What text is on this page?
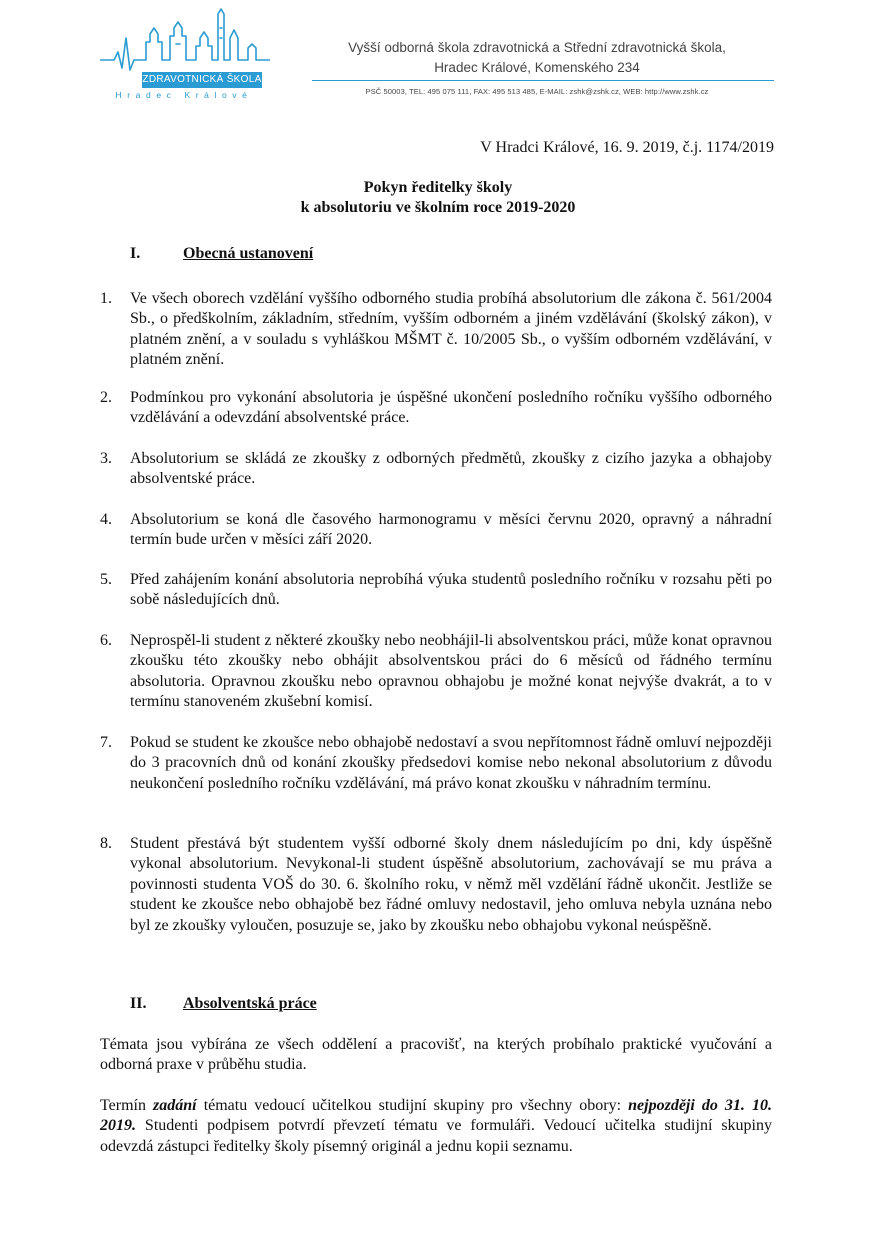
ZDRAVOTNICKÁ ŠKOLA
Hradec Králové
Vyšší odborná škola zdravotnická a Střední zdravotnická škola,
Hradec Králové, Komenského 234
PSČ 50003, TEL: 495 075 111, FAX: 495 513 485, E-MAIL: zshk@zshk.cz, WEB: http://www.zshk.cz
V Hradci Králové, 16. 9. 2019, č.j. 1174/2019
Pokyn ředitelky školy
k absolutoriu ve školním roce 2019-2020
I.	Obecná ustanovení
1. Ve všech oborech vzdělání vyššího odborného studia probíhá absolutorium dle zákona č. 561/2004 Sb., o předškolním, základním, středním, vyšším odborném a jiném vzdělávání (školský zákon), v platném znění, a v souladu s vyhláškou MŠMT č. 10/2005 Sb., o vyšším odborném vzdělávání, v platném znění.
2. Podmínkou pro vykonání absolutoria je úspěšné ukončení posledního ročníku vyššího odborného vzdělávání a odevzdání absolventské práce.
3. Absolutorium se skládá ze zkoušky z odborných předmětů, zkoušky z cizího jazyka a obhajoby absolventské práce.
4. Absolutorium se koná dle časového harmonogramu v měsíci červnu 2020, opravný a náhradní termín bude určen v měsíci září 2020.
5. Před zahájením konání absolutoria neprobíhá výuka studentů posledního ročníku v rozsahu pěti po sobě následujících dnů.
6. Neprospěl-li student z některé zkoušky nebo neobhájil-li absolventskou práci, může konat opravnou zkoušku této zkoušky nebo obhájit absolventskou práci do 6 měsíců od řádného termínu absolutoria. Opravnou zkoušku nebo opravnou obhajobu je možné konat nejvýše dvakrát, a to v termínu stanoveném zkušební komisí.
7. Pokud se student ke zkoušce nebo obhajobě nedostaví a svou nepřítomnost řádně omluví nejpozději do 3 pracovních dnů od konání zkoušky předsedovi komise nebo nekonal absolutorium z důvodu neukončení posledního ročníku vzdělávání, má právo konat zkoušku v náhradním termínu.
8. Student přestává být studentem vyšší odborné školy dnem následujícím po dni, kdy úspěšně vykonal absolutorium. Nevykonal-li student úspěšně absolutorium, zachovávají se mu práva a povinnosti studenta VOŠ do 30. 6. školního roku, v němž měl vzdělání řádně ukončit. Jestliže se student ke zkoušce nebo obhajobě bez řádné omluvy nedostavil, jeho omluva nebyla uznána nebo byl ze zkoušky vyloučen, posuzuje se, jako by zkoušku nebo obhajobu vykonal neúspěšně.
II. Absolventská práce
Témata jsou vybírána ze všech oddělení a pracovišť, na kterých probíhalo praktické vyučování a odborná praxe v průběhu studia.
Termín zadání tématu vedoucí učitelkou studijní skupiny pro všechny obory: nejpozději do 31. 10. 2019. Studenti podpisem potvrdí převzetí tématu ve formuláři. Vedoucí učitelka studijní skupiny odevzdá zástupci ředitelky školy písemný originál a jednu kopii seznamu.
